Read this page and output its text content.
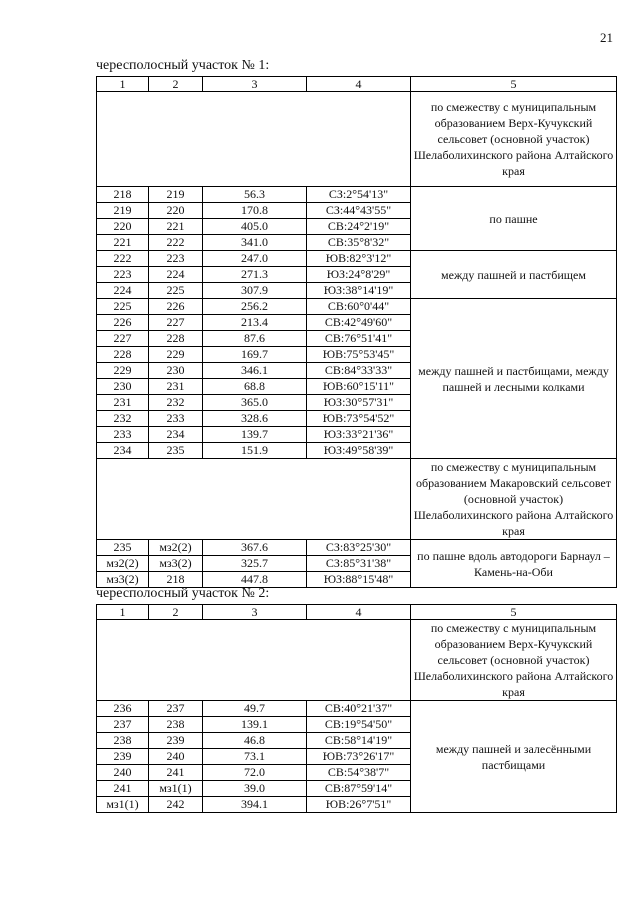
21
чересполосный участок № 1:
1	2	3	4	5
				по смежеству с муниципальным образованием Верх-Кучукский сельсовет (основной участок) Шелаболихинского района Алтайского края
218	219	56.3	СЗ:2°54'13"	по пашне
219	220	170.8	СЗ:44°43'55"	
220	221	405.0	СВ:24°2'19"	
221	222	341.0	СВ:35°8'32"	
222	223	247.0	ЮВ:82°3'12"	между пашней и пастбищем
223	224	271.3	ЮЗ:24°8'29"	
224	225	307.9	ЮЗ:38°14'19"	
225	226	256.2	СВ:60°0'44"	между пашней и пастбищами, между пашней и лесными колками
226	227	213.4	СВ:42°49'60"	
227	228	87.6	СВ:76°51'41"	
228	229	169.7	ЮВ:75°53'45"	
229	230	346.1	СВ:84°33'33"	
230	231	68.8	ЮВ:60°15'11"	
231	232	365.0	ЮЗ:30°57'31"	
232	233	328.6	ЮВ:73°54'52"	
233	234	139.7	ЮЗ:33°21'36"	
234	235	151.9	ЮЗ:49°58'39"	
				по смежеству с муниципальным образованием Макаровский сельсовет (основной участок) Шелаболихинского района Алтайского края
235	мз2(2)	367.6	СЗ:83°25'30"	по пашне вдоль автодороги Барнаул – Камень-на-Оби
мз2(2)	мз3(2)	325.7	СЗ:85°31'38"	
мз3(2)	218	447.8	ЮЗ:88°15'48"	
чересполосный участок № 2:
1	2	3	4	5
				по смежеству с муниципальным образованием Верх-Кучукский сельсовет (основной участок) Шелаболихинского района Алтайского края
236	237	49.7	СВ:40°21'37"	между пашней и залесёнными пастбищами
237	238	139.1	СВ:19°54'50"	
238	239	46.8	СВ:58°14'19"	
239	240	73.1	ЮВ:73°26'17"	
240	241	72.0	СВ:54°38'7"	
241	мз1(1)	39.0	СВ:87°59'14"	
мз1(1)	242	394.1	ЮВ:26°7'51"	
